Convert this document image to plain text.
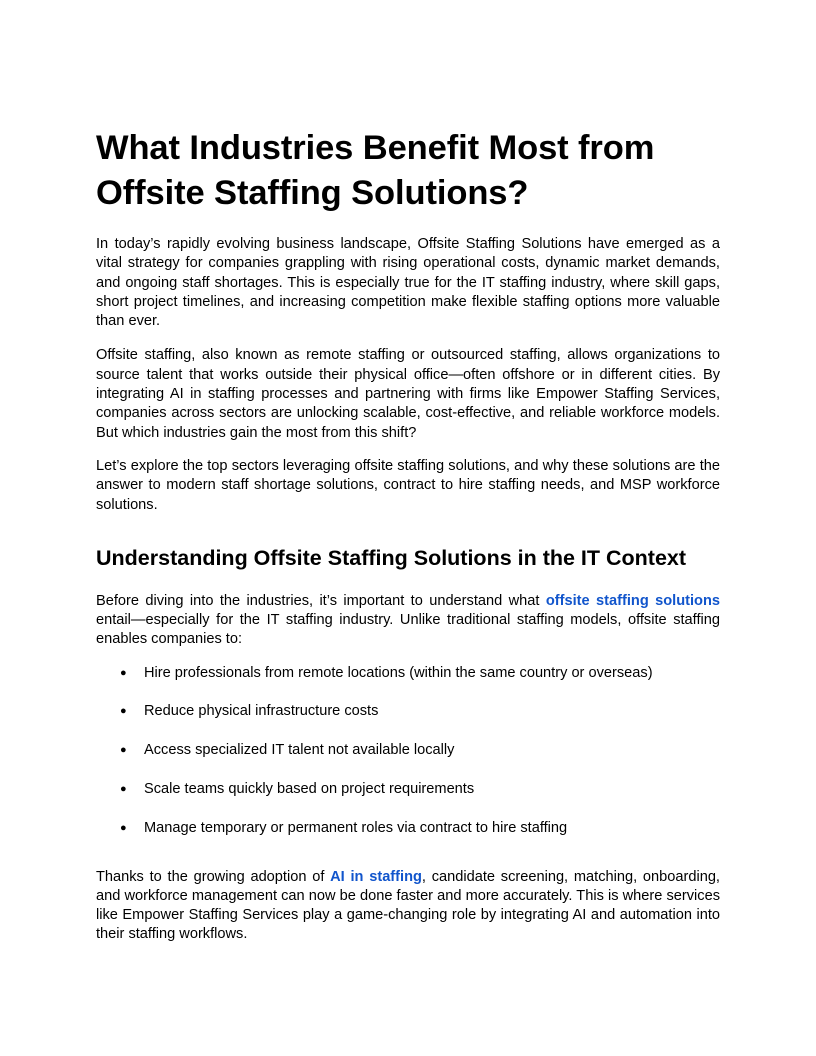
What Industries Benefit Most from
Offsite Staffing Solutions?

In today’s rapidly evolving business landscape, Offsite Staffing Solutions have emerged as a vital strategy for companies grappling with rising operational costs, dynamic market demands, and ongoing staff shortages. This is especially true for the IT staffing industry, where skill gaps, short project timelines, and increasing competition make flexible staffing options more valuable than ever.

Offsite staffing, also known as remote staffing or outsourced staffing, allows organizations to source talent that works outside their physical office—often offshore or in different cities. By integrating AI in staffing processes and partnering with firms like Empower Staffing Services, companies across sectors are unlocking scalable, cost-effective, and reliable workforce models. But which industries gain the most from this shift?

Let’s explore the top sectors leveraging offsite staffing solutions, and why these solutions are the answer to modern staff shortage solutions, contract to hire staffing needs, and MSP workforce solutions.

Understanding Offsite Staffing Solutions in the IT Context

Before diving into the industries, it’s important to understand what offsite staffing solutions entail—especially for the IT staffing industry. Unlike traditional staffing models, offsite staffing enables companies to:

● Hire professionals from remote locations (within the same country or overseas)
● Reduce physical infrastructure costs
● Access specialized IT talent not available locally
● Scale teams quickly based on project requirements
● Manage temporary or permanent roles via contract to hire staffing

Thanks to the growing adoption of AI in staffing, candidate screening, matching, onboarding, and workforce management can now be done faster and more accurately. This is where services like Empower Staffing Services play a game-changing role by integrating AI and automation into their staffing workflows.
